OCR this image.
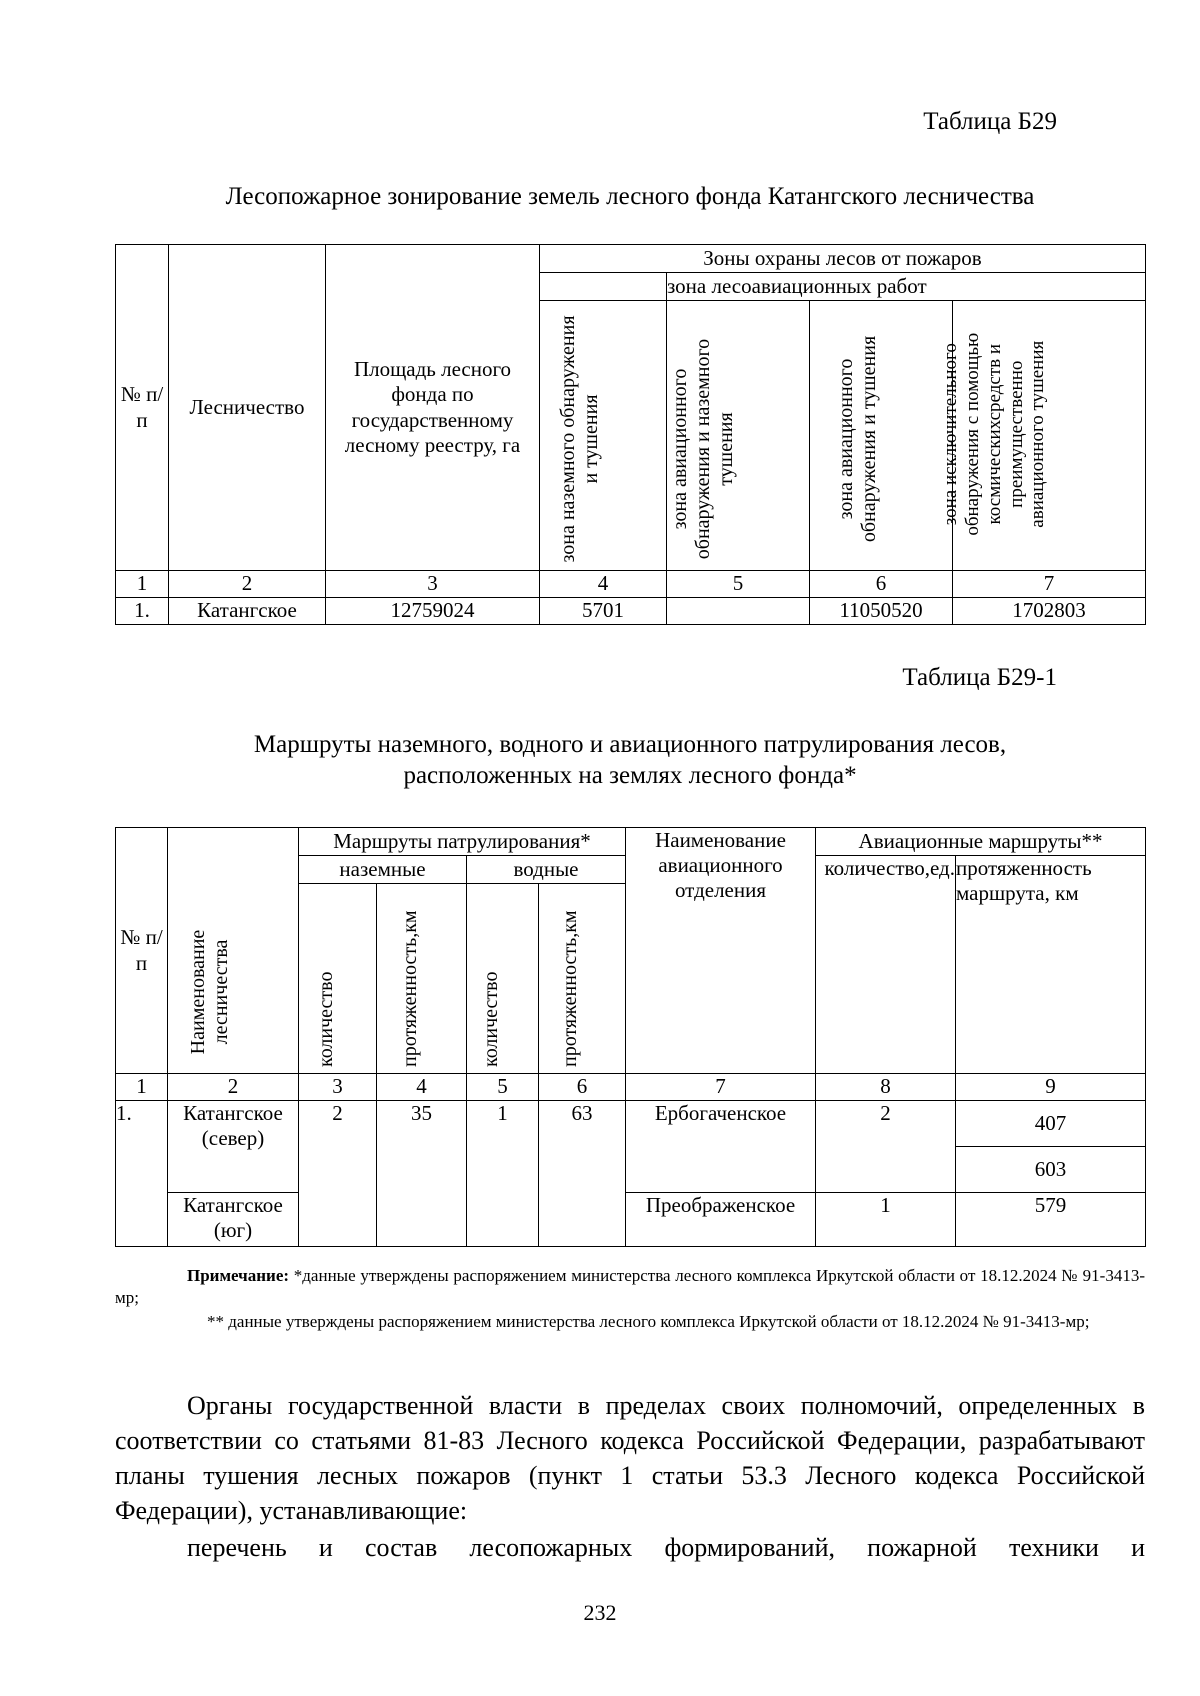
Таблица Б29
Лесопожарное зонирование земель лесного фонда Катангского лесничества
№ п/п	Лесничество	Площадь лесного фонда по государственному лесному реестру, га	Зоны охраны лесов от пожаров			
				зона лесоавиационных работ		

			зона наземного обнаружения и тушения	зона авиационного обнаружения и наземного тушения	зона авиационного обнаружения и тушения	зона исключительного обнаружения с помощью космическихсредств и преимущественно авиационного тушения

1	2	3	4	5	6	7
1.	Катангское	12759024	5701		11050520	1702803
Таблица Б29-1
Маршруты наземного, водного и авиационного патрулирования лесов,
расположенных на землях лесного фонда*
№ п/п	Наименование лесничества	Маршруты патрулирования*				Наименование авиационного отделения	Авиационные маршруты**	
		наземные		водные			количество,ед.	протяженность маршрута, км

		количество	протяженность,км	количество	протяженность,км			

1	2	3	4	5	6	7	8	9
1.	Катангское (север)	2	35	1	63	Ербогаченское	2	407
								603
	Катангское (юг)					Преображенское	1	579
Примечание: *данные утверждены распоряжением министерства лесного комплекса Иркутской области от 18.12.2024 № 91-3413-мр;
** данные утверждены распоряжением министерства лесного комплекса Иркутской области от 18.12.2024 № 91-3413-мр;
Органы государственной власти в пределах своих полномочий, определенных в соответствии со статьями 81-83 Лесного кодекса Российской Федерации, разрабатывают планы тушения лесных пожаров (пункт 1 статьи 53.3 Лесного кодекса Российской Федерации), устанавливающие:
перечень и состав лесопожарных формирований, пожарной техники и
232
